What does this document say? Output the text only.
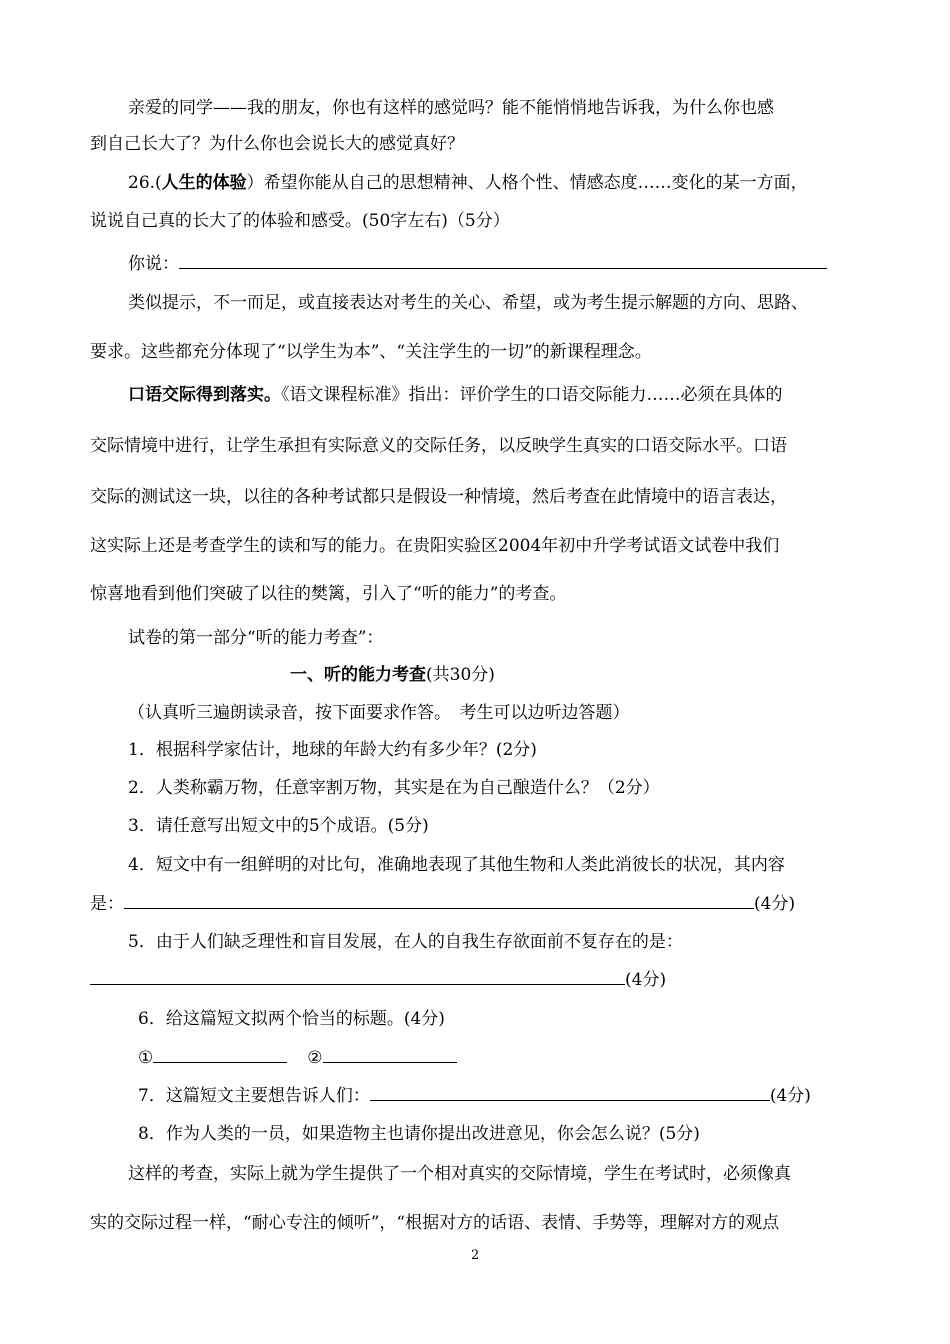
亲爱的同学——我的朋友，你也有这样的感觉吗？能不能悄悄地告诉我，为什么你也感
到自己长大了？为什么你也会说长大的感觉真好？
26.(人生的体验）希望你能从自己的思想精神、人格个性、情感态度……变化的某一方面，
说说自己真的长大了的体验和感受。(50字左右)（5分）
你说：
类似提示，不一而足，或直接表达对考生的关心、希望，或为考生提示解题的方向、思路、
要求。这些都充分体现了“以学生为本”、“关注学生的一切”的新课程理念。
口语交际得到落实。《语文课程标准》指出：评价学生的口语交际能力……必须在具体的
交际情境中进行，让学生承担有实际意义的交际任务，以反映学生真实的口语交际水平。口语
交际的测试这一块，以往的各种考试都只是假设一种情境，然后考查在此情境中的语言表达，
这实际上还是考查学生的读和写的能力。在贵阳实验区2004年初中升学考试语文试卷中我们
惊喜地看到他们突破了以往的樊篱，引入了“听的能力”的考查。
试卷的第一部分“听的能力考查”：
一、听的能力考查(共30分)
（认真听三遍朗读录音，按下面要求作答。　考生可以边听边答题）
1．根据科学家估计，地球的年龄大约有多少年？(2分)
2．人类称霸万物，任意宰割万物，其实是在为自己酿造什么？（2分）
3．请任意写出短文中的5个成语。(5分)
4．短文中有一组鲜明的对比句，准确地表现了其他生物和人类此消彼长的状况，其内容
是：	(4分)
5．由于人们缺乏理性和盲目发展，在人的自我生存欲面前不复存在的是：
(4分)
6．给这篇短文拟两个恰当的标题。(4分)
①	②
7．这篇短文主要想告诉人们：	(4分)
8．作为人类的一员，如果造物主也请你提出改进意见，你会怎么说？(5分)
这样的考查，实际上就为学生提供了一个相对真实的交际情境，学生在考试时，必须像真
实的交际过程一样，“耐心专注的倾听”，“根据对方的话语、表情、手势等，理解对方的观点
2
